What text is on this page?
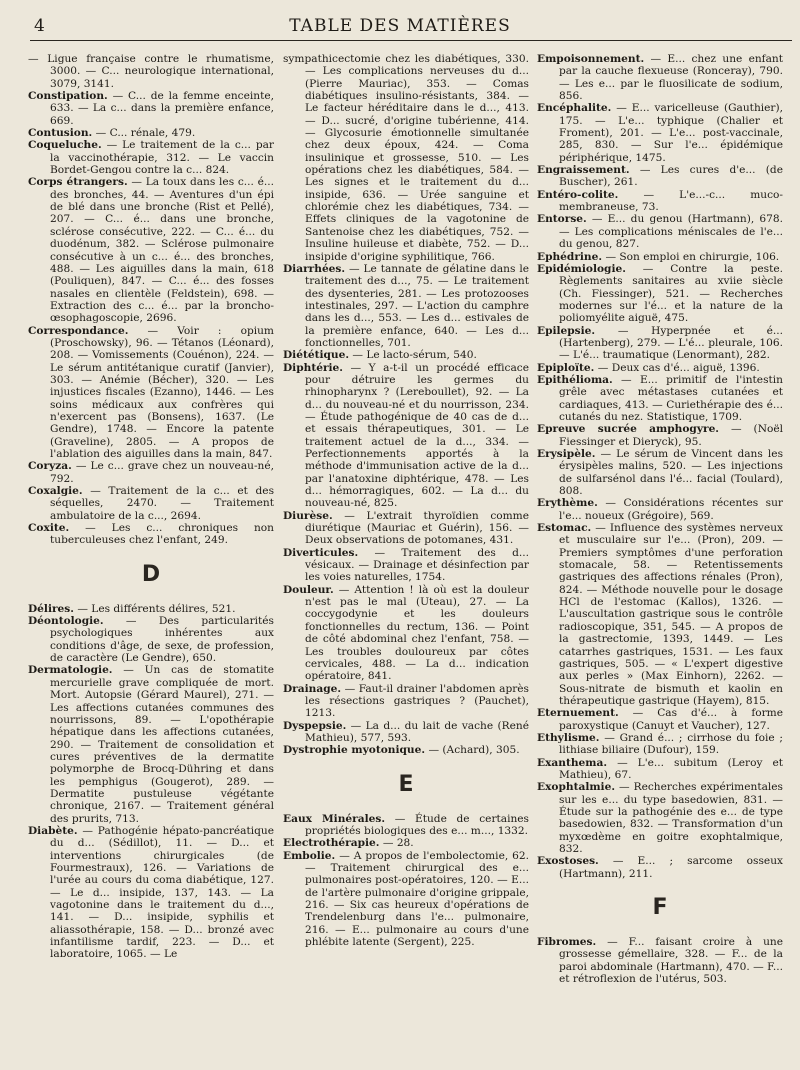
4	TABLE DES MATIÈRES

— Ligue française contre le rhumatisme, 3000. — C... neurologique international, 3079, 3141.

Constipation. — C... de la femme enceinte, 633. — La c... dans la première enfance, 669.

Contusion. — C... rénale, 479.

Coqueluche. — Le traitement de la c... par la vaccinothérapie, 312. — Le vaccin Bordet-Gengou contre la c... 824.

Corps étrangers. — La toux dans les c... é... des bronches, 44. — Aventures d'un épi de blé dans une bronche (Rist et Pellé), 207. — C... é... dans une bronche, sclérose consécutive, 222. — C... é... du duodénum, 382. — Sclérose pulmonaire consécutive à un c... é... des bronches, 488. — Les aiguilles dans la main, 618 (Pouliquen), 847. — C... é... des fosses nasales en clientèle (Feldstein), 698. — Extraction des c... é... par la broncho-œsophagoscopie, 2696.

Correspondance. — Voir : opium (Proschowsky), 96. — Tétanos (Léonard), 208. — Vomissements (Couénon), 224. — Le sérum antitétanique curatif (Janvier), 303. — Anémie (Bécher), 320. — Les injustices fiscales (Ezanno), 1446. — Les soins médicaux aux confrères qui n'exercent pas (Bonsens), 1637. (Le Gendre), 1748. — Encore la patente (Graveline), 2805. — A propos de l'ablation des aiguilles dans la main, 847.

Coryza. — Le c... grave chez un nouveau-né, 792.

Coxalgie. — Traitement de la c... et des séquelles, 2470. — Traitement ambulatoire de la c..., 2694.

Coxite. — Les c... chroniques non tuberculeuses chez l'enfant, 249.

D

Délires. — Les différents délires, 521.

Déontologie. — Des particularités psychologiques inhérentes aux conditions d'âge, de sexe, de profession, de caractère (Le Gendre), 650.

Dermatologie. — Un cas de stomatite mercurielle grave compliquée de mort. Mort. Autopsie (Gérard Maurel), 271. — Les affections cutanées communes des nourrissons, 89. — L'opothérapie hépatique dans les affections cutanées, 290. — Traitement de consolidation et cures préventives de la dermatite polymorphe de Brocq-Dühring et dans les pemphigus (Gougerot), 289. — Dermatite pustuleuse végétante chronique, 2167. — Traitement général des prurits, 713.

Diabète. — Pathogénie hépato-pancréatique du d... (Sédillot), 11. — D... et interventions chirurgicales (de Fourmestraux), 126. — Variations de l'urée au cours du coma diabétique, 127. — Le d... insipide, 137, 143. — La vagotonine dans le traitement du d..., 141. — D... insipide, syphilis et aliassothérapie, 158. — D... bronzé avec infantilisme tardif, 223. — D... et laboratoire, 1065. — Le

sympathicectomie chez les diabétiques, 330. — Les complications nerveuses du d... (Pierre Mauriac), 353. — Comas diabétiques insulino-résistants, 384. — Le facteur héréditaire dans le d..., 413. — D... sucré, d'origine tubérienne, 414. — Glycosurie émotionnelle simultanée chez deux époux, 424. — Coma insulinique et grossesse, 510. — Les opérations chez les diabétiques, 584. — Les signes et le traitement du d... insipide, 636. — Urée sanguine et chlorémie chez les diabétiques, 734. — Effets cliniques de la vagotonine de Santenoise chez les diabétiques, 752. — Insuline huileuse et diabète, 752. — D... insipide d'origine syphilitique, 766.

Diarrhées. — Le tannate de gélatine dans le traitement des d..., 75. — Le traitement des dysenteries, 281. — Les protozooses intestinales, 297. — L'action du camphre dans les d..., 553. — Les d... estivales de la première enfance, 640. — Les d... fonctionnelles, 701.

Diététique. — Le lacto-sérum, 540.

Diphtérie. — Y a-t-il un procédé efficace pour détruire les germes du rhinopharynx ? (Lereboullet), 92. — La d... du nouveau-né et du nourrisson, 234. — Étude pathogénique de 40 cas de d... et essais thérapeutiques, 301. — Le traitement actuel de la d..., 334. — Perfectionnements apportés à la méthode d'immunisation active de la d... par l'anatoxine diphtérique, 478. — Les d... hémorragiques, 602. — La d... du nouveau-né, 825.

Diurèse. — L'extrait thyroïdien comme diurétique (Mauriac et Guérin), 156. — Deux observations de potomanes, 431.

Diverticules. — Traitement des d... vésicaux. — Drainage et désinfection par les voies naturelles, 1754.

Douleur. — Attention ! là où est la douleur n'est pas le mal (Uteau), 27. — La coccygodynie et les douleurs fonctionnelles du rectum, 136. — Point de côté abdominal chez l'enfant, 758. — Les troubles douloureux par côtes cervicales, 488. — La d... indication opératoire, 841.

Drainage. — Faut-il drainer l'abdomen après les résections gastriques ? (Pauchet), 1213.

Dyspepsie. — La d... du lait de vache (René Mathieu), 577, 593.

Dystrophie myotonique. — (Achard), 305.

E

Eaux Minérales. — Étude de certaines propriétés biologiques des e... m..., 1332.

Electrothérapie. — 28.

Embolie. — A propos de l'embolectomie, 62. — Traitement chirurgical des e... pulmonaires post-opératoires, 120. — E... de l'artère pulmonaire d'origine grippale, 216. — Six cas heureux d'opérations de Trendelenburg dans l'e... pulmonaire, 216. — E... pulmonaire au cours d'une phlébite latente (Sergent), 225.

Empoisonnement. — E... chez une enfant par la cauche flexueuse (Ronceray), 790. — Les e... par le fluosilicate de sodium, 856.

Encéphalite. — E... varicelleuse (Gauthier), 175. — L'e... typhique (Chalier et Froment), 201. — L'e... post-vaccinale, 285, 830. — Sur l'e... épidémique périphérique, 1475.

Engraissement. — Les cures d'e... (de Buscher), 261.

Entéro-colite. — L'e...-c... muco-membraneuse, 73.

Entorse. — E... du genou (Hartmann), 678. — Les complications méniscales de l'e... du genou, 827.

Ephédrine. — Son emploi en chirurgie, 106.

Epidémiologie. — Contre la peste. Règlements sanitaires au xviie siècle (Ch. Fiessinger), 521. — Recherches modernes sur l'é... et la nature de la poliomyélite aiguë, 475.

Epilepsie. — Hyperpnée et é... (Hartenberg), 279. — L'é... pleurale, 106. — L'é... traumatique (Lenormant), 282.

Epiploïte. — Deux cas d'é... aiguë, 1396.

Epithélioma. — E... primitif de l'intestin grêle avec métastases cutanées et cardiaques, 413. — Curiethérapie des é... cutanés du nez. Statistique, 1709.

Epreuve sucrée amphogyre. — (Noël Fiessinger et Dieryck), 95.

Erysipèle. — Le sérum de Vincent dans les érysipèles malins, 520. — Les injections de sulfarsénol dans l'é... facial (Toulard), 808.

Erythème. — Considérations récentes sur l'e... noueux (Grégoire), 569.

Estomac. — Influence des systèmes nerveux et musculaire sur l'e... (Pron), 209. — Premiers symptômes d'une perforation stomacale, 58. — Retentissements gastriques des affections rénales (Pron), 824. — Méthode nouvelle pour le dosage HCl de l'estomac (Kallos), 1326. — L'auscultation gastrique sous le contrôle radioscopique, 351, 545. — A propos de la gastrectomie, 1393, 1449. — Les catarrhes gastriques, 1531. — Les faux gastriques, 505. — « L'expert digestive aux perles » (Max Einhorn), 2262. — Sous-nitrate de bismuth et kaolin en thérapeutique gastrique (Hayem), 815.

Eternuement. — Cas d'é... à forme paroxystique (Canuyt et Vaucher), 127.

Ethylisme. — Grand é... ; cirrhose du foie ; lithiase biliaire (Dufour), 159.

Exanthema. — L'e... subitum (Leroy et Mathieu), 67.

Exophtalmie. — Recherches expérimentales sur les e... du type basedowien, 831. — Étude sur la pathogénie des e... de type basedowien, 832. — Transformation d'un myxœdème en goitre exophtalmique, 832.

Exostoses. — E... ; sarcome osseux (Hartmann), 211.

F

Fibromes. — F... faisant croire à une grossesse gémellaire, 328. — F... de la paroi abdominale (Hartmann), 470. — F... et rétroflexion de l'utérus, 503.
